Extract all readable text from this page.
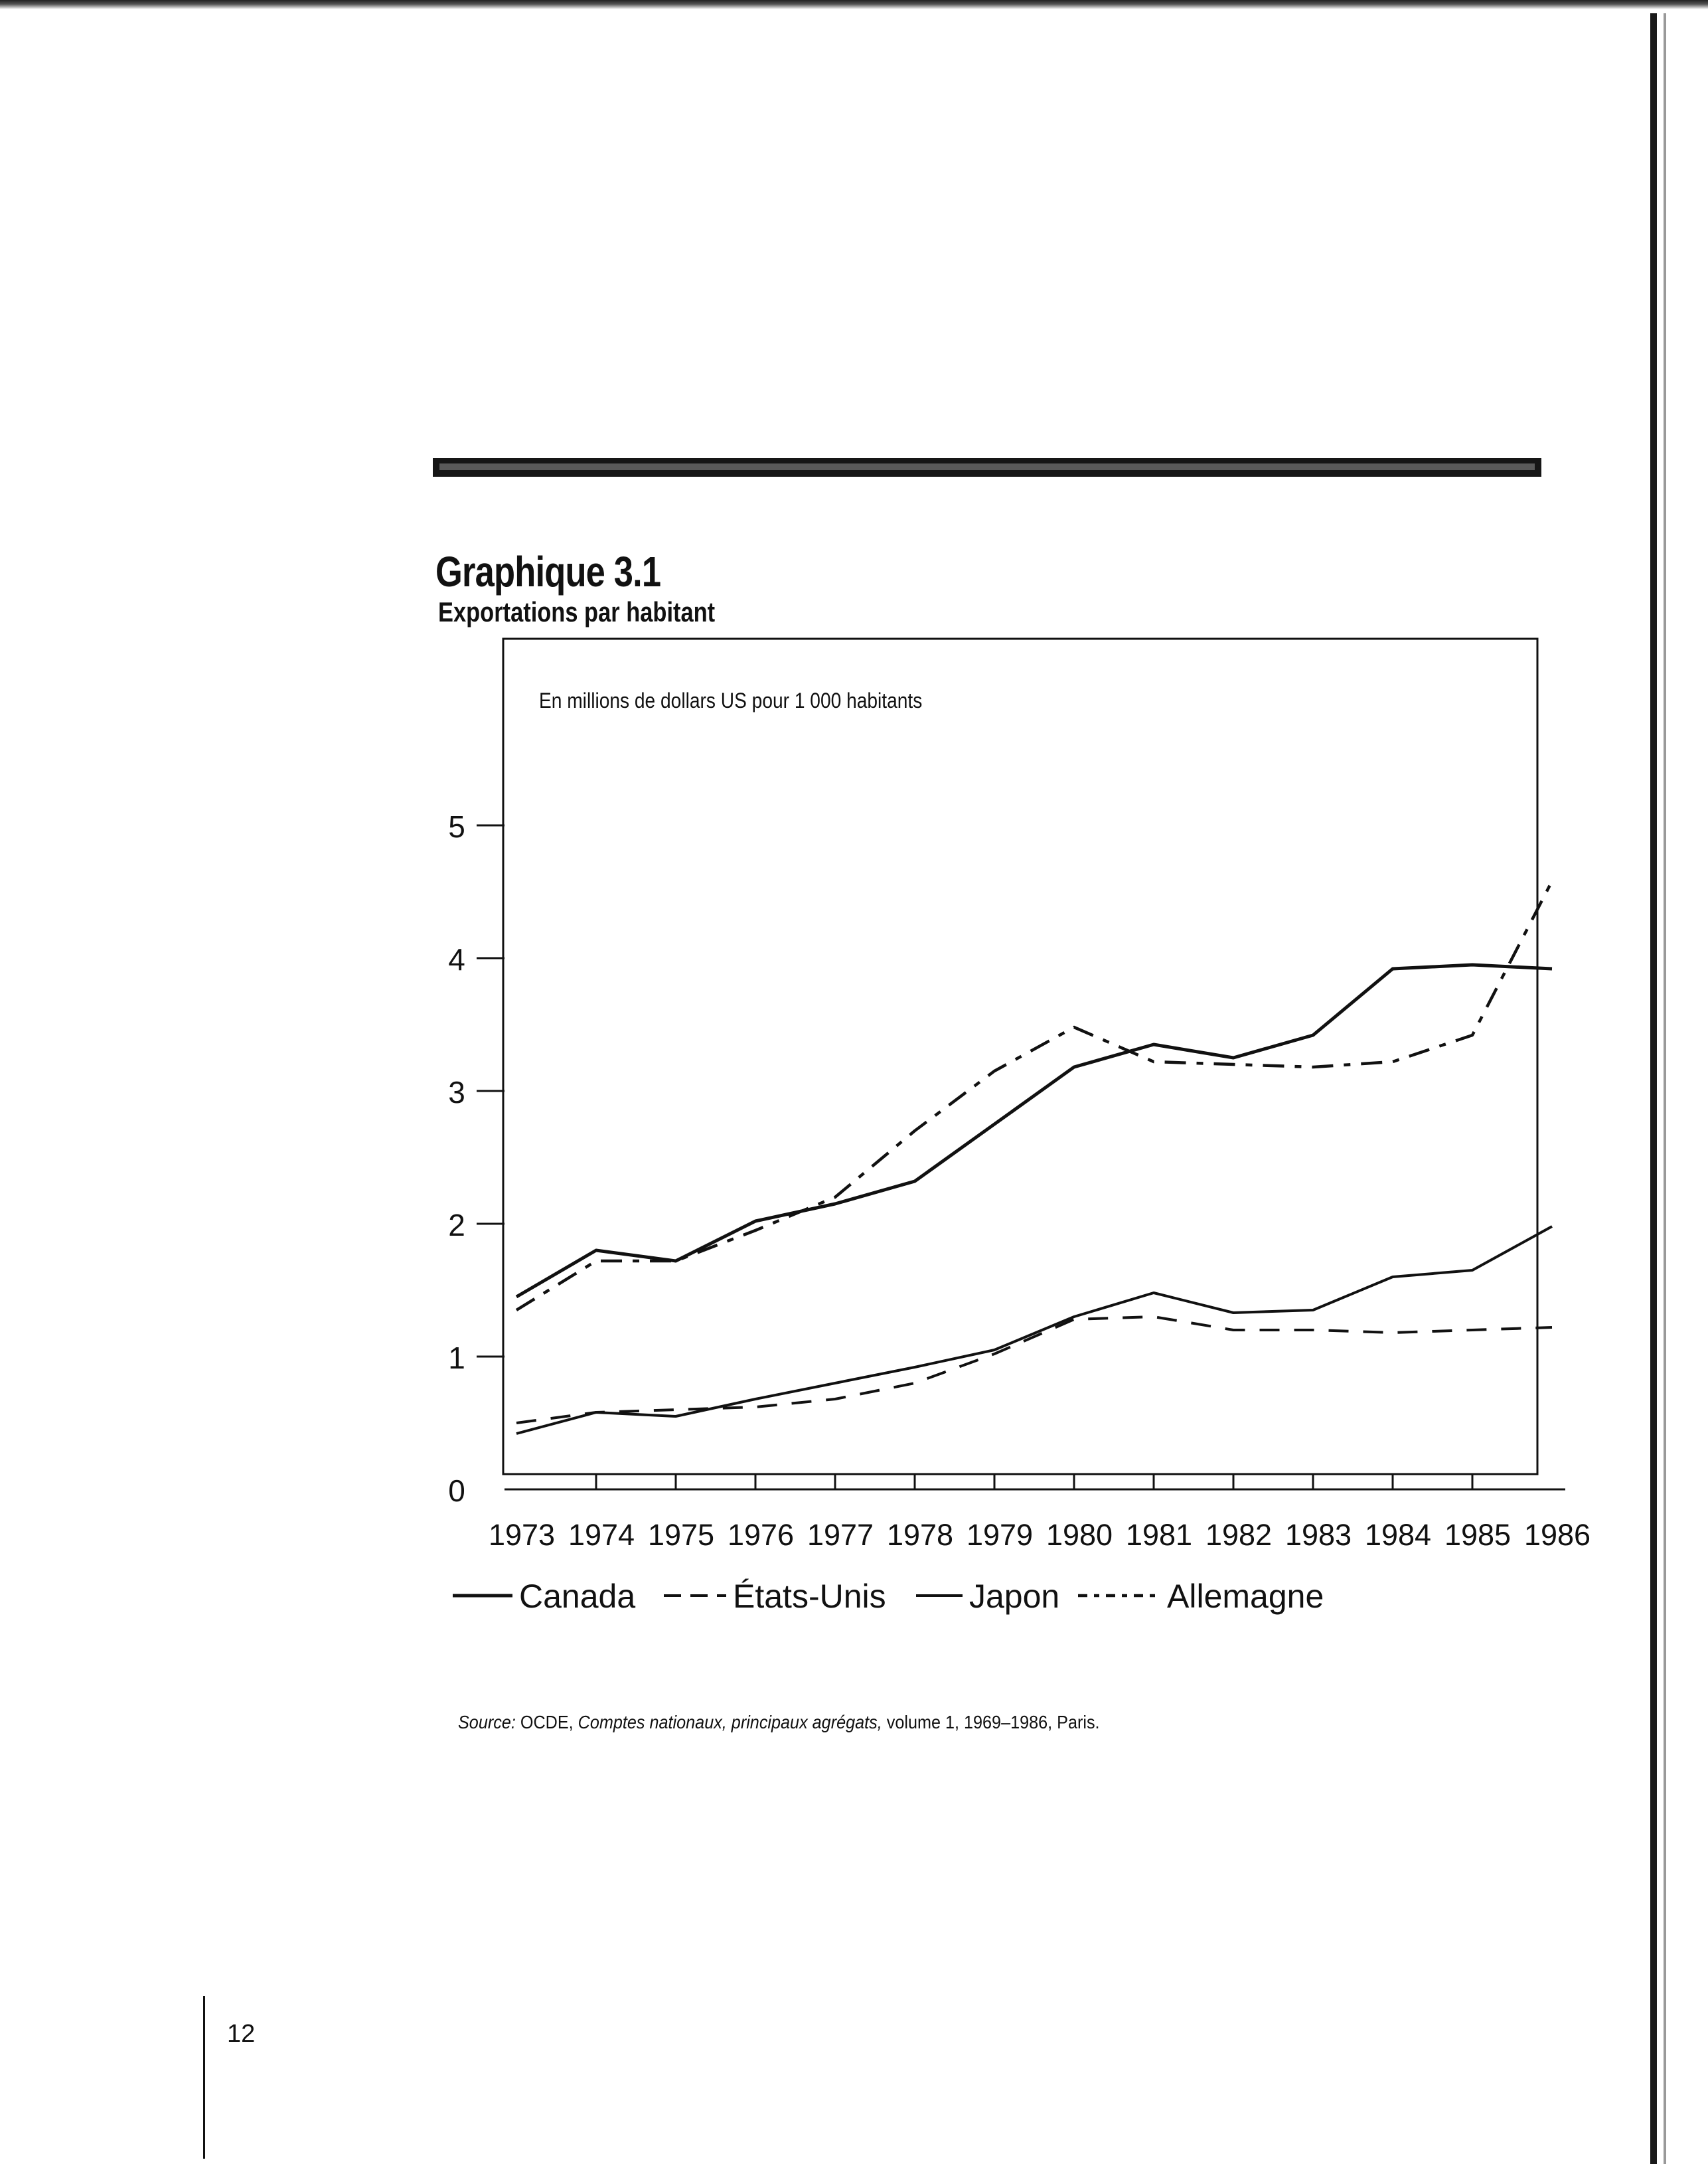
Graphique 3.1
Exportations par habitant
En millions de dollars US pour 1 000 habitants
0
1
2
3
4
5
1973 1974 1975 1976 1977 1978 1979 1980 1981 1982 1983 1984 1985 1986
Canada	États-Unis	Japon	Allemagne
Source: OCDE, Comptes nationaux, principaux agrégats, volume 1, 1969–1986, Paris.
12
